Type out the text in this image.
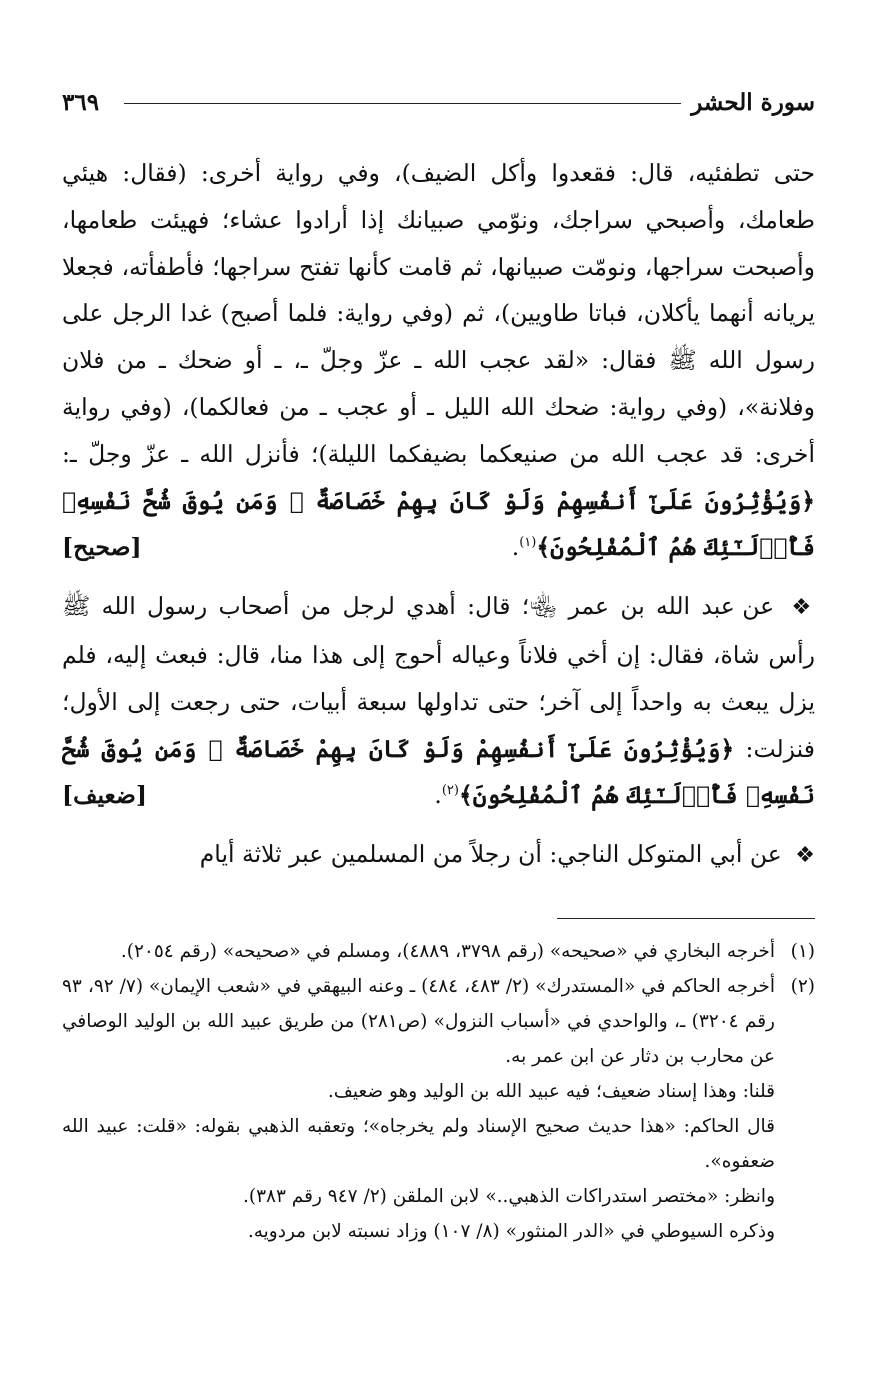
سورة الحشر
٣٦٩

حتى تطفئيه، قال: فقعدوا وأكل الضيف)، وفي رواية أخرى: (فقال: هيئي طعامك، وأصبحي سراجك، ونوّمي صبيانك إذا أرادوا عشاء؛ فهيئت طعامها، وأصبحت سراجها، ونومّت صبيانها، ثم قامت كأنها تفتح سراجها؛ فأطفأته، فجعلا يريانه أنهما يأكلان، فباتا طاويين)، ثم (وفي رواية: فلما أصبح) غدا الرجل على رسول الله ﷺ فقال: «لقد عجب الله ـ عزّ وجلّ ـ، ـ أو ضحك ـ من فلان وفلانة»، (وفي رواية: ضحك الله الليل ـ أو عجب ـ من فعالكما)، (وفي رواية أخرى: قد عجب الله من صنيعكما بضيفكما الليلة)؛ فأنزل الله ـ عزّ وجلّ ـ: ﴿وَيُؤْثِرُونَ عَلَىٰٓ أَنفُسِهِمْ وَلَوْ كَانَ بِهِمْ خَصَاصَةٌ ۚ وَمَن يُوقَ شُحَّ نَفْسِهِۦ فَأُو۟لَـٰٓئِكَ هُمُ ٱلْمُفْلِحُونَ﴾$^{(١)}$.
[صحيح]

❖ عن عبد الله بن عمر ﵄؛ قال: أهدي لرجل من أصحاب رسول الله ﷺ رأس شاة، فقال: إن أخي فلاناً وعياله أحوج إلى هذا منا، قال: فبعث إليه، فلم يزل يبعث به واحداً إلى آخر؛ حتى تداولها سبعة أبيات، حتى رجعت إلى الأول؛ فنزلت: ﴿وَيُؤْثِرُونَ عَلَىٰٓ أَنفُسِهِمْ وَلَوْ كَانَ بِهِمْ خَصَاصَةٌ ۚ وَمَن يُوقَ شُحَّ نَفْسِهِۦ فَأُو۟لَـٰٓئِكَ هُمُ ٱلْمُفْلِحُونَ﴾$^{(٢)}$.
[ضعيف]

❖ عن أبي المتوكل الناجي: أن رجلاً من المسلمين عبر ثلاثة أيام

(١)

أخرجه البخاري في «صحيحه» (رقم ٣٧٩٨، ٤٨٨٩)، ومسلم في «صحيحه» (رقم ٢٠٥٤).

(٢)

أخرجه الحاكم في «المستدرك» (٢/ ٤٨٣، ٤٨٤) ـ وعنه البيهقي في «شعب الإيمان» (٧/ ٩٢، ٩٣ رقم ٣٢٠٤) ـ، والواحدي في «أسباب النزول» (ص٢٨١) من طريق عبيد الله بن الوليد الوصافي عن محارب بن دثار عن ابن عمر به.

قلنا: وهذا إسناد ضعيف؛ فيه عبيد الله بن الوليد وهو ضعيف.

قال الحاكم: «هذا حديث صحيح الإسناد ولم يخرجاه»؛ وتعقبه الذهبي بقوله: «قلت: عبيد الله ضعفوه».

وانظر: «مختصر استدراكات الذهبي..» لابن الملقن (٢/ ٩٤٧ رقم ٣٨٣).

وذكره السيوطي في «الدر المنثور» (٨/ ١٠٧) وزاد نسبته لابن مردويه.
